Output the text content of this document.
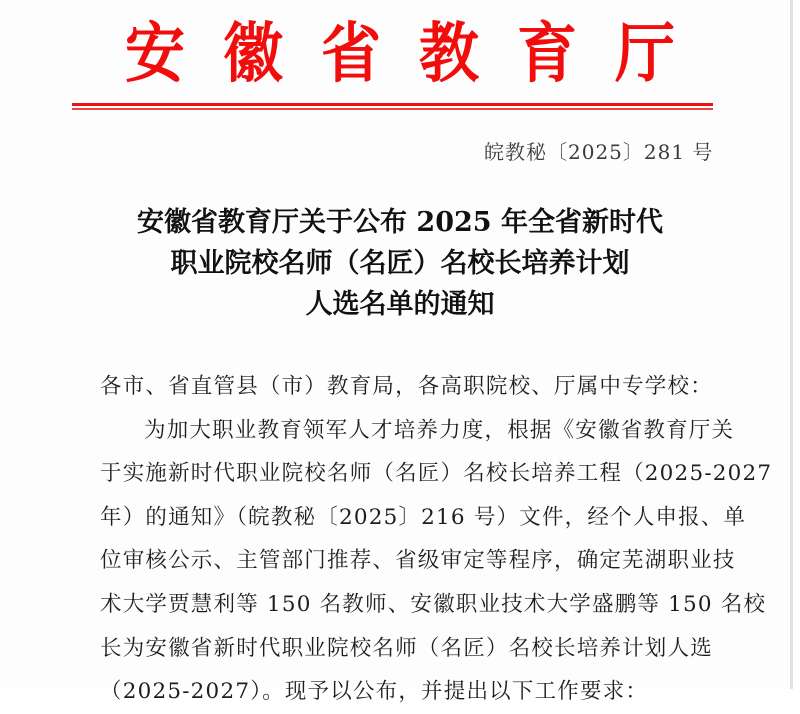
安 徽 省 教 育 厅
皖教秘〔2025〕281 号
安徽省教育厅关于公布 2025 年全省新时代
职业院校名师（名匠）名校长培养计划
人选名单的通知
各市、省直管县（市）教育局，各高职院校、厅属中专学校：
为加大职业教育领军人才培养力度，根据《安徽省教育厅关
于实施新时代职业院校名师（名匠）名校长培养工程（2025-2027
年）的通知》（皖教秘〔2025〕216 号）文件，经个人申报、单
位审核公示、主管部门推荐、省级审定等程序，确定芜湖职业技
术大学贾慧利等 150 名教师、安徽职业技术大学盛鹏等 150 名校
长为安徽省新时代职业院校名师（名匠）名校长培养计划人选
（2025-2027）。现予以公布，并提出以下工作要求：
